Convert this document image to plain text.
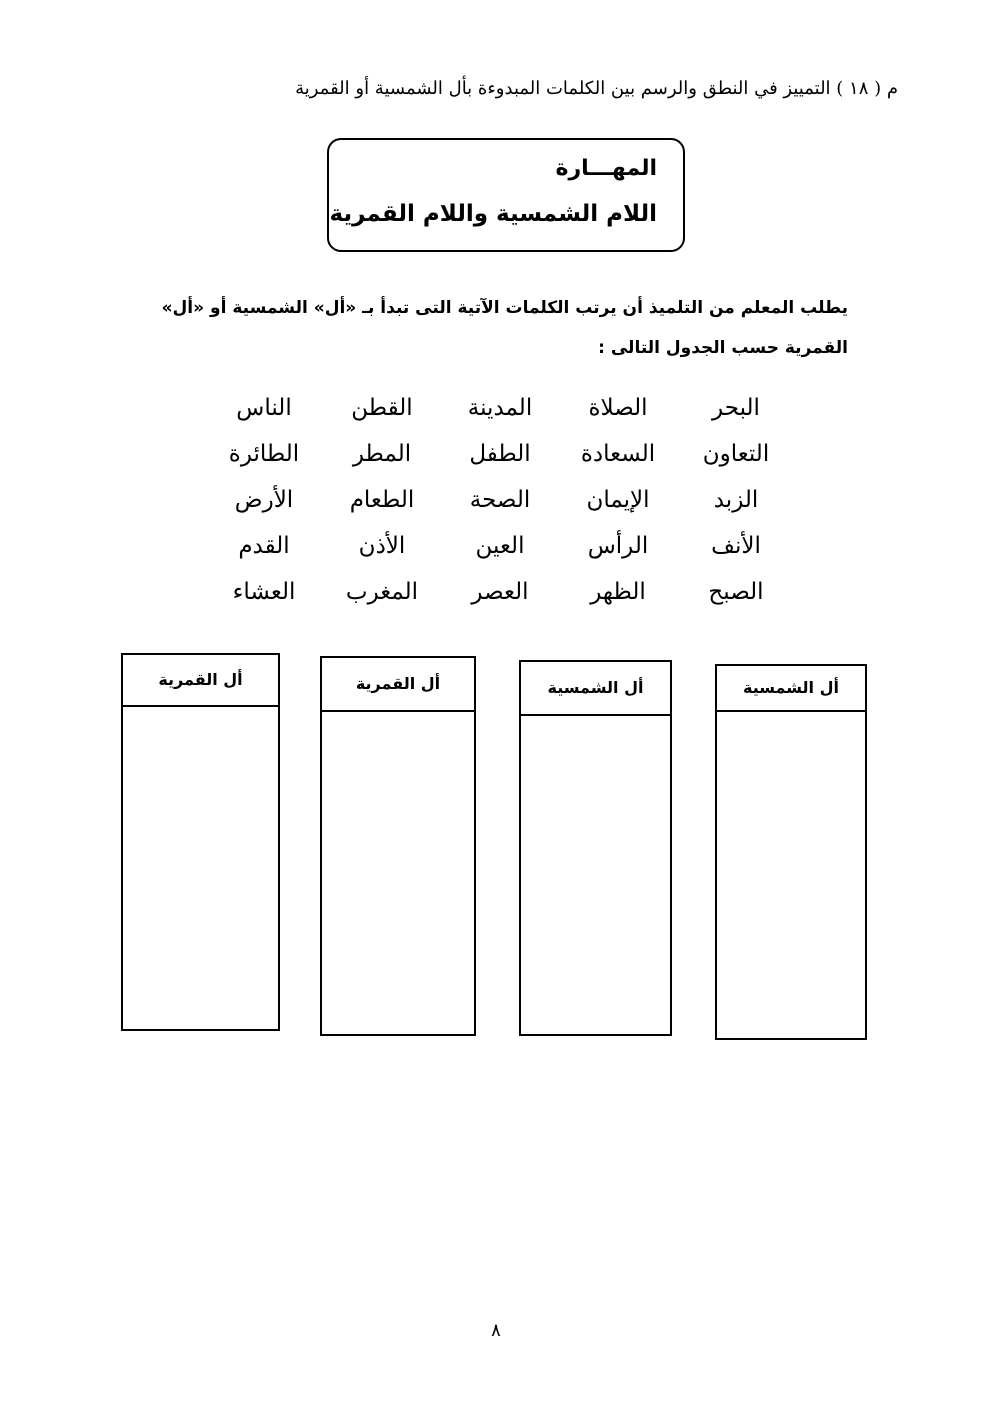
م ( ١٨ ) التمييز في النطق والرسم بين الكلمات المبدوءة بأل الشمسية أو القمرية
المهـــارة
اللام الشمسية واللام القمرية
يطلب المعلم من التلميذ أن يرتب الكلمات الآتية التى تبدأ بـ «أل» الشمسية أو «أل»
القمرية حسب الجدول التالى :
البحر
الصلاة
المدينة
القطن
الناس
التعاون
السعادة
الطفل
المطر
الطائرة
الزبد
الإيمان
الصحة
الطعام
الأرض
الأنف
الرأس
العين
الأذن
القدم
الصبح
الظهر
العصر
المغرب
العشاء
أل الشمسية
أل الشمسية
أل القمرية
أل القمرية
٨
